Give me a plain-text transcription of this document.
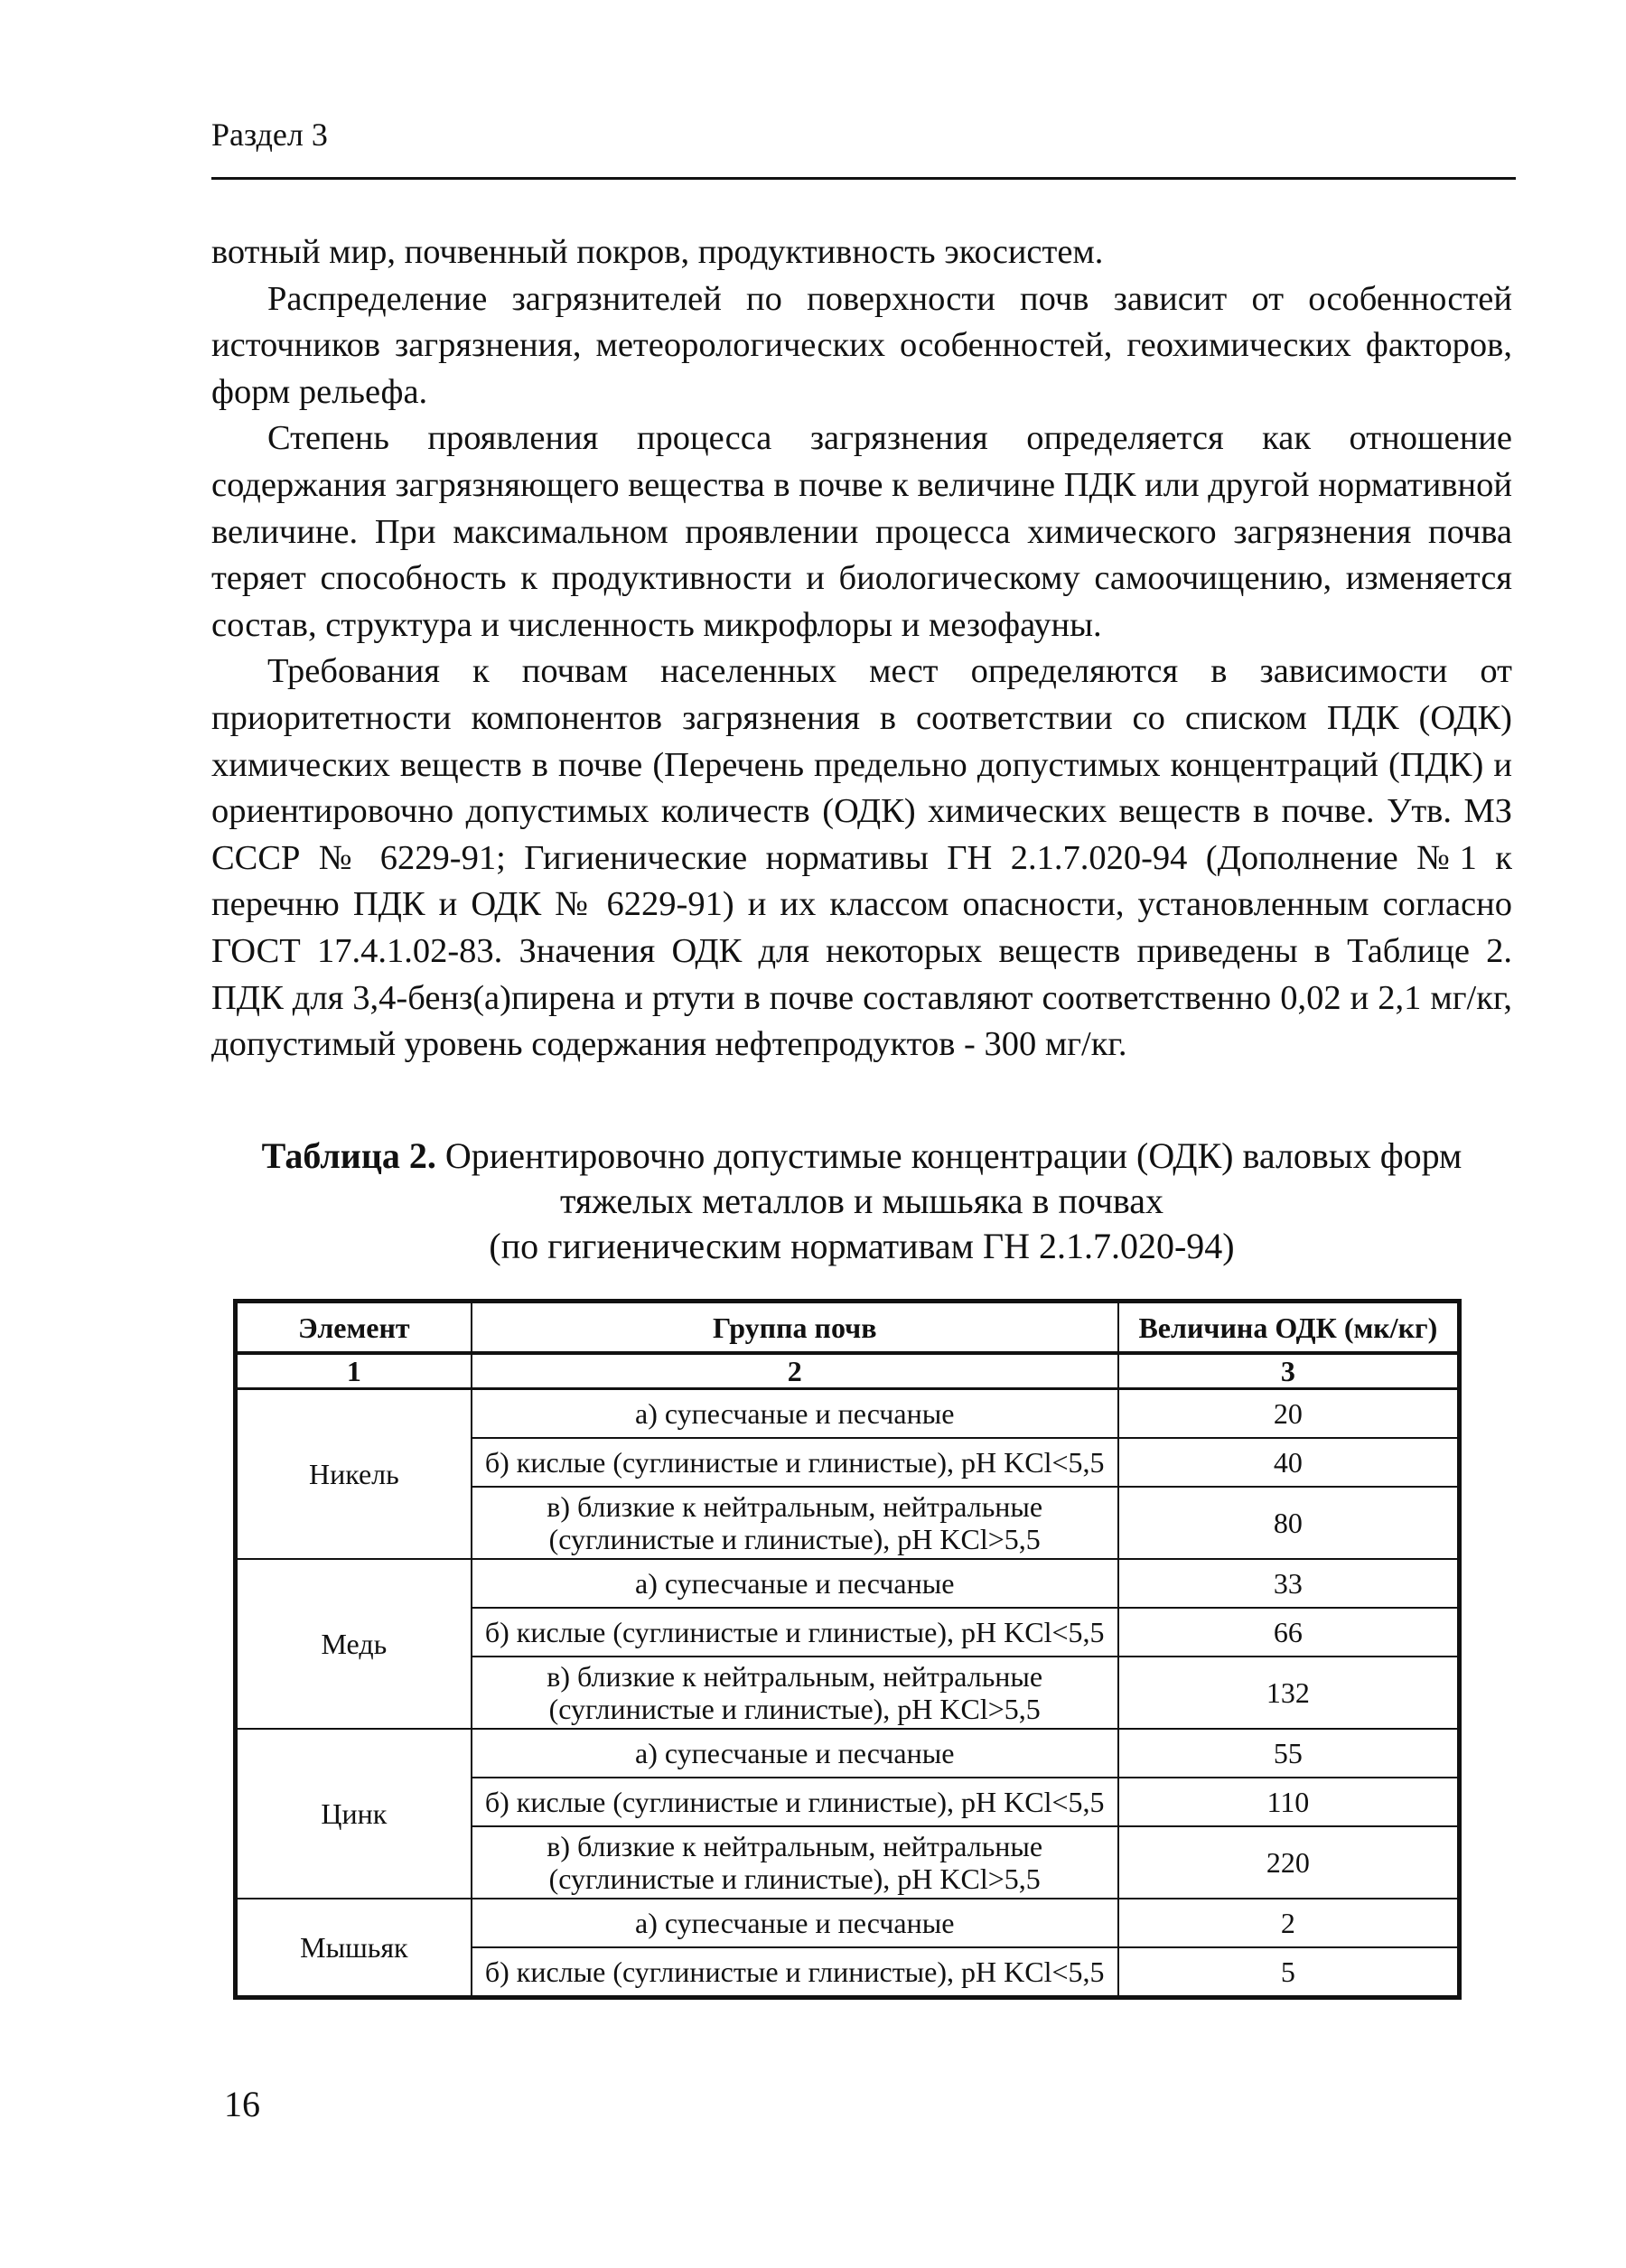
Раздел 3

вотный мир, почвенный покров, продуктивность экосистем.

Распределение загрязнителей по поверхности почв зависит от особенностей источников загрязнения, метеорологических особенностей, геохимических факторов, форм рельефа.

Степень проявления процесса загрязнения определяется как отношение содержания загрязняющего вещества в почве к величине ПДК или другой нормативной величине. При максимальном проявлении процесса химического загрязнения почва теряет способность к продуктивности и биологическому самоочищению, изменяется состав, структура и численность микрофлоры и мезофауны.

Требования к почвам населенных мест определяются в зависимости от приоритетности компонентов загрязнения в соответствии со списком ПДК (ОДК) химических веществ в почве (Перечень предельно допустимых концентраций (ПДК) и ориентировочно допустимых количеств (ОДК) химических веществ в почве. Утв. МЗ СССР № 6229-91; Гигиенические нормативы ГН 2.1.7.020-94 (Дополнение №1 к перечню ПДК и ОДК № 6229-91) и их классом опасности, установленным согласно ГОСТ 17.4.1.02-83. Значения ОДК для некоторых веществ приведены в Таблице 2. ПДК для 3,4-бенз(а)пирена и ртути в почве составляют соответственно 0,02 и 2,1 мг/кг, допустимый уровень содержания нефтепродуктов - 300 мг/кг.

Таблица 2. Ориентировочно допустимые концентрации (ОДК) валовых форм
тяжелых металлов и мышьяка в почвах
(по гигиеническим нормативам ГН 2.1.7.020-94)
Элемент	Группа почв	Величина ОДК (мк/кг)
1	2	3
Никель	а) супесчаные и песчаные	20
	б) кислые (суглинистые и глинистые), рН KCl<5,5	40

	в) близкие к нейтральным, нейтральные
(суглинистые и глинистые), рН KCl>5,5	80
Медь	а) супесчаные и песчаные	33
	б) кислые (суглинистые и глинистые), рН KCl<5,5	66

	в) близкие к нейтральным, нейтральные
(суглинистые и глинистые), рН KCl>5,5	132
Цинк	а) супесчаные и песчаные	55
	б) кислые (суглинистые и глинистые), рН KCl<5,5	110

	в) близкие к нейтральным, нейтральные
(суглинистые и глинистые), рН KCl>5,5	220
Мышьяк	а) супесчаные и песчаные	2
	б) кислые (суглинистые и глинистые), рН KCl<5,5	5
16
